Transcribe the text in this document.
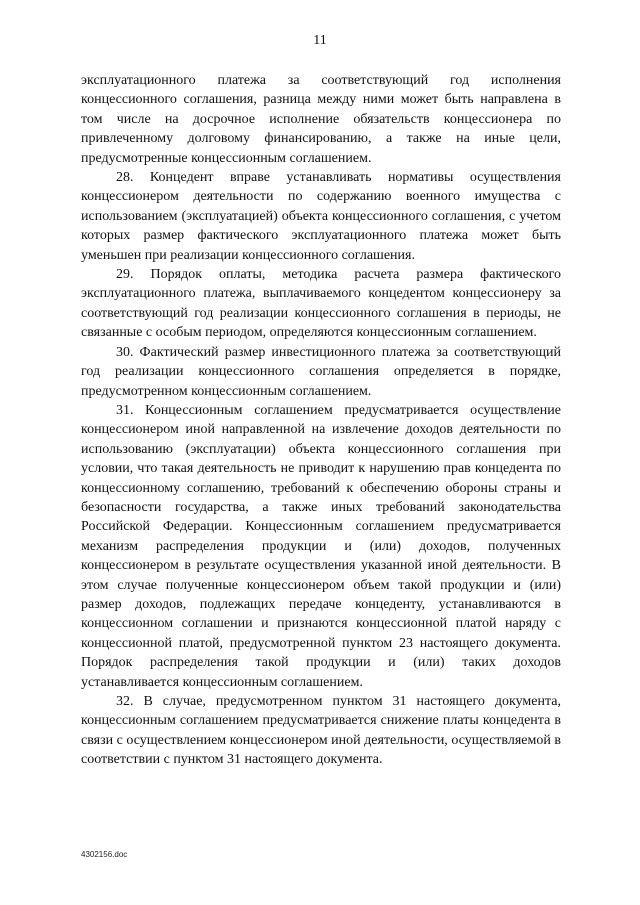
11

эксплуатационного платежа за соответствующий год исполнения концессионного соглашения, разница между ними может быть направлена в том числе на досрочное исполнение обязательств концессионера по привлеченному долговому финансированию, а также на иные цели, предусмотренные концессионным соглашением.

28. Концедент вправе устанавливать нормативы осуществления концессионером деятельности по содержанию военного имущества с использованием (эксплуатацией) объекта концессионного соглашения, с учетом которых размер фактического эксплуатационного платежа может быть уменьшен при реализации концессионного соглашения.

29. Порядок оплаты, методика расчета размера фактического эксплуатационного платежа, выплачиваемого концедентом концессионеру за соответствующий год реализации концессионного соглашения в периоды, не связанные с особым периодом, определяются концессионным соглашением.

30. Фактический размер инвестиционного платежа за соответствующий год реализации концессионного соглашения определяется в порядке, предусмотренном концессионным соглашением.

31. Концессионным соглашением предусматривается осуществление концессионером иной направленной на извлечение доходов деятельности по использованию (эксплуатации) объекта концессионного соглашения при условии, что такая деятельность не приводит к нарушению прав концедента по концессионному соглашению, требований к обеспечению обороны страны и безопасности государства, а также иных требований законодательства Российской Федерации. Концессионным соглашением предусматривается механизм распределения продукции и (или) доходов, полученных концессионером в результате осуществления указанной иной деятельности. В этом случае полученные концессионером объем такой продукции и (или) размер доходов, подлежащих передаче концеденту, устанавливаются в концессионном соглашении и признаются концессионной платой наряду с концессионной платой, предусмотренной пунктом 23 настоящего документа. Порядок распределения такой продукции и (или) таких доходов устанавливается концессионным соглашением.

32. В случае, предусмотренном пунктом 31 настоящего документа, концессионным соглашением предусматривается снижение платы концедента в связи с осуществлением концессионером иной деятельности, осуществляемой в соответствии с пунктом 31 настоящего документа.

4302156.doc
